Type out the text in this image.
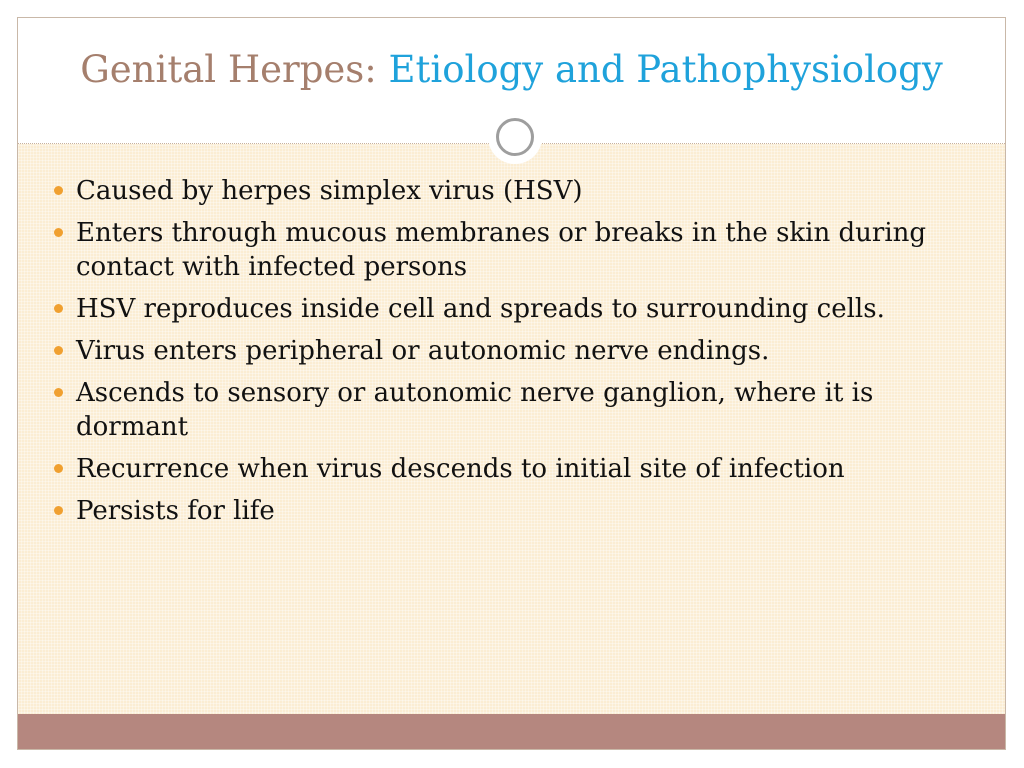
Genital Herpes: Etiology and Pathophysiology
Caused by herpes simplex virus (HSV)
Enters through mucous membranes or breaks in the skin during contact with infected persons
HSV reproduces inside cell and spreads to surrounding cells.
Virus enters peripheral or autonomic nerve endings.
Ascends to sensory or autonomic nerve ganglion, where it is dormant
Recurrence when virus descends to initial site of infection
Persists for life
